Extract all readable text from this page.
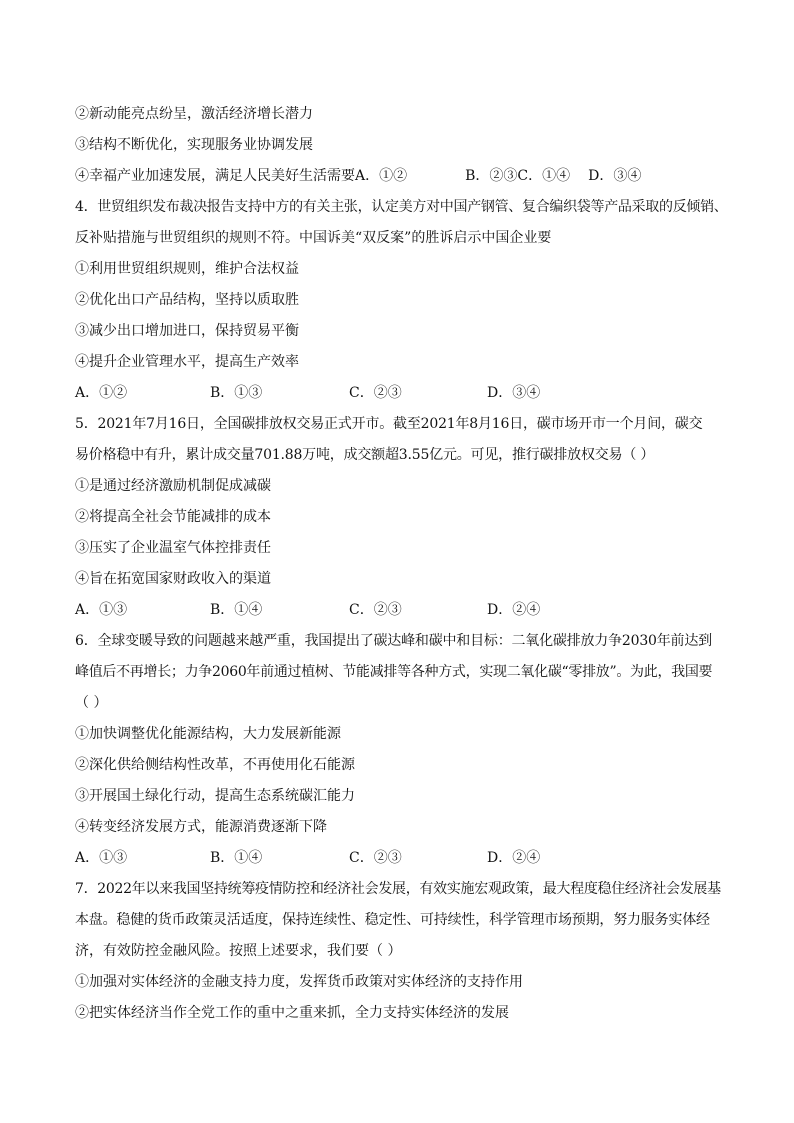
②新动能亮点纷呈，激活经济增长潜力
③结构不断优化，实现服务业协调发展
④幸福产业加速发展，满足人民美好生活需要A．①②	B．②③C．①④ D．③④
4．世贸组织发布裁决报告支持中方的有关主张，认定美方对中国产钢管、复合编织袋等产品采取的反倾销、
反补贴措施与世贸组织的规则不符。中国诉美“双反案”的胜诉启示中国企业要
①利用世贸组织规则，维护合法权益
②优化出口产品结构，坚持以质取胜
③减少出口增加进口，保持贸易平衡
④提升企业管理水平，提高生产效率
A．①②	B．①③	C．②③	D．③④
5．2021年7月16日，全国碳排放权交易正式开市。截至2021年8月16日，碳市场开市一个月间，碳交
易价格稳中有升，累计成交量701.88万吨，成交额超3.55亿元。可见，推行碳排放权交易（ ）
①是通过经济激励机制促成减碳
②将提高全社会节能减排的成本
③压实了企业温室气体控排责任
④旨在拓宽国家财政收入的渠道
A．①③	B．①④	C．②③	D．②④
6．全球变暖导致的问题越来越严重，我国提出了碳达峰和碳中和目标：二氧化碳排放力争2030年前达到
峰值后不再增长；力争2060年前通过植树、节能减排等各种方式，实现二氧化碳“零排放”。为此，我国要
（ ）
①加快调整优化能源结构，大力发展新能源
②深化供给侧结构性改革，不再使用化石能源
③开展国土绿化行动，提高生态系统碳汇能力
④转变经济发展方式，能源消费逐渐下降
A．①③	B．①④	C．②③	D．②④
7．2022年以来我国坚持统筹疫情防控和经济社会发展，有效实施宏观政策，最大程度稳住经济社会发展基
本盘。稳健的货币政策灵活适度，保持连续性、稳定性、可持续性，科学管理市场预期，努力服务实体经
济，有效防控金融风险。按照上述要求，我们要（ ）
①加强对实体经济的金融支持力度，发挥货币政策对实体经济的支持作用
②把实体经济当作全党工作的重中之重来抓，全力支持实体经济的发展
